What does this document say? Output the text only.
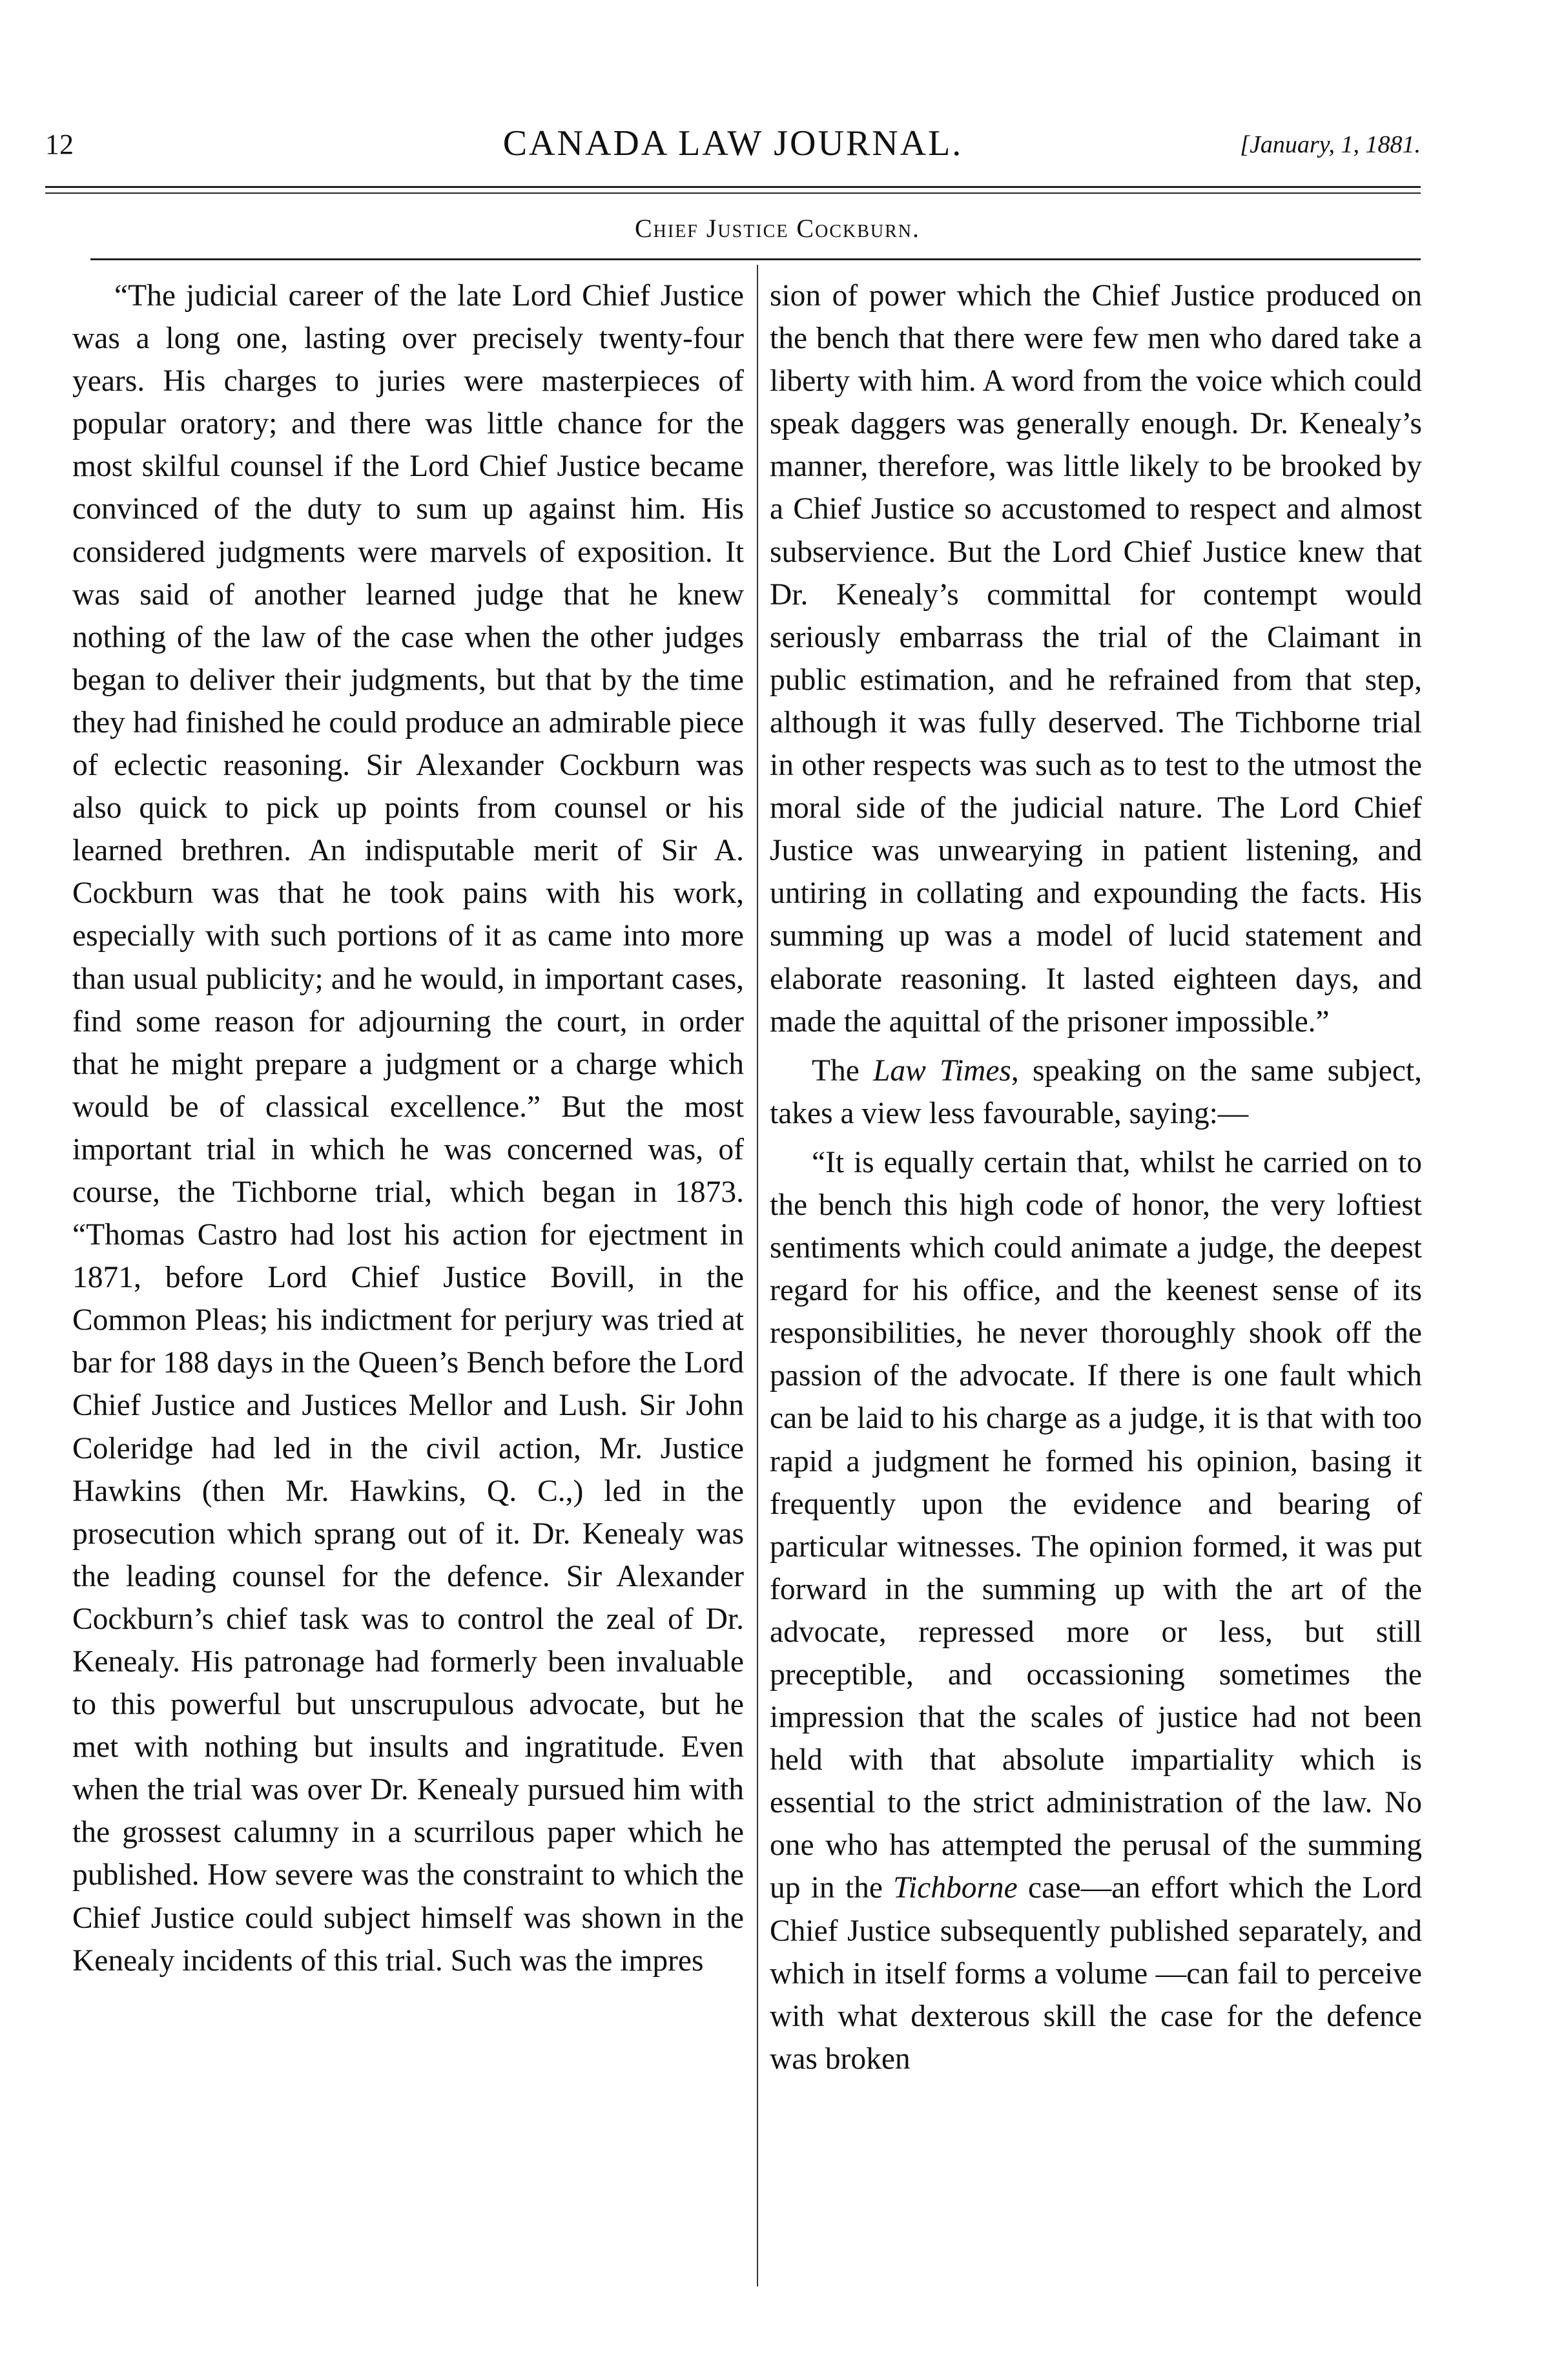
12	CANADA LAW JOURNAL.	[January, 1, 1881.
Chief Justice Cockburn.

“The judicial career of the late Lord Chief Justice was a long one, lasting over precisely twenty-four years. His charges to juries were masterpieces of popular oratory; and there was little chance for the most skilful counsel if the Lord Chief Justice became convinced of the duty to sum up against him. His considered judgments were marvels of exposition. It was said of another learned judge that he knew nothing of the law of the case when the other judges began to deliver their judgments, but that by the time they had finished he could produce an admirable piece of eclectic reasoning. Sir Alexander Cockburn was also quick to pick up points from counsel or his learned brethren. An indisputable merit of Sir A. Cockburn was that he took pains with his work, especially with such portions of it as came into more than usual publicity; and he would, in important cases, find some reason for adjourning the court, in order that he might prepare a judgment or a charge which would be of classical excellence.” But the most important trial in which he was concerned was, of course, the Tichborne trial, which began in 1873. “Thomas Castro had lost his action for ejectment in 1871, before Lord Chief Justice Bovill, in the Common Pleas; his indictment for perjury was tried at bar for 188 days in the Queen’s Bench before the Lord Chief Justice and Justices Mellor and Lush. Sir John Coleridge had led in the civil action, Mr. Justice Hawkins (then Mr. Hawkins, Q. C.,) led in the prosecution which sprang out of it. Dr. Kenealy was the leading counsel for the defence. Sir Alexander Cockburn’s chief task was to control the zeal of Dr. Kenealy. His patronage had formerly been invaluable to this powerful but unscrupulous advocate, but he met with nothing but insults and ingratitude. Even when the trial was over Dr. Kenealy pursued him with the grossest calumny in a scurrilous paper which he published. How severe was the constraint to which the Chief Justice could subject himself was shown in the Kenealy incidents of this trial. Such was the impres

sion of power which the Chief Justice produced on the bench that there were few men who dared take a liberty with him. A word from the voice which could speak daggers was generally enough. Dr. Kenealy’s manner, therefore, was little likely to be brooked by a Chief Justice so accustomed to respect and almost subservience. But the Lord Chief Justice knew that Dr. Kenealy’s committal for contempt would seriously embarrass the trial of the Claimant in public estimation, and he refrained from that step, although it was fully deserved. The Tichborne trial in other respects was such as to test to the utmost the moral side of the judicial nature. The Lord Chief Justice was unwearying in patient listening, and untiring in collating and expounding the facts. His summing up was a model of lucid statement and elaborate reasoning. It lasted eighteen days, and made the aquittal of the prisoner impossible.”

The Law Times, speaking on the same subject, takes a view less favourable, saying:—

“It is equally certain that, whilst he carried on to the bench this high code of honor, the very loftiest sentiments which could animate a judge, the deepest regard for his office, and the keenest sense of its responsibilities, he never thoroughly shook off the passion of the advocate. If there is one fault which can be laid to his charge as a judge, it is that with too rapid a judgment he formed his opinion, basing it frequently upon the evidence and bearing of particular witnesses. The opinion formed, it was put forward in the summing up with the art of the advocate, repressed more or less, but still preceptible, and occassioning sometimes the impression that the scales of justice had not been held with that absolute impartiality which is essential to the strict administration of the law. No one who has attempted the perusal of the summing up in the Tichborne case—an effort which the Lord Chief Justice subsequently published separately, and which in itself forms a volume —can fail to perceive with what dexterous skill the case for the defence was broken
